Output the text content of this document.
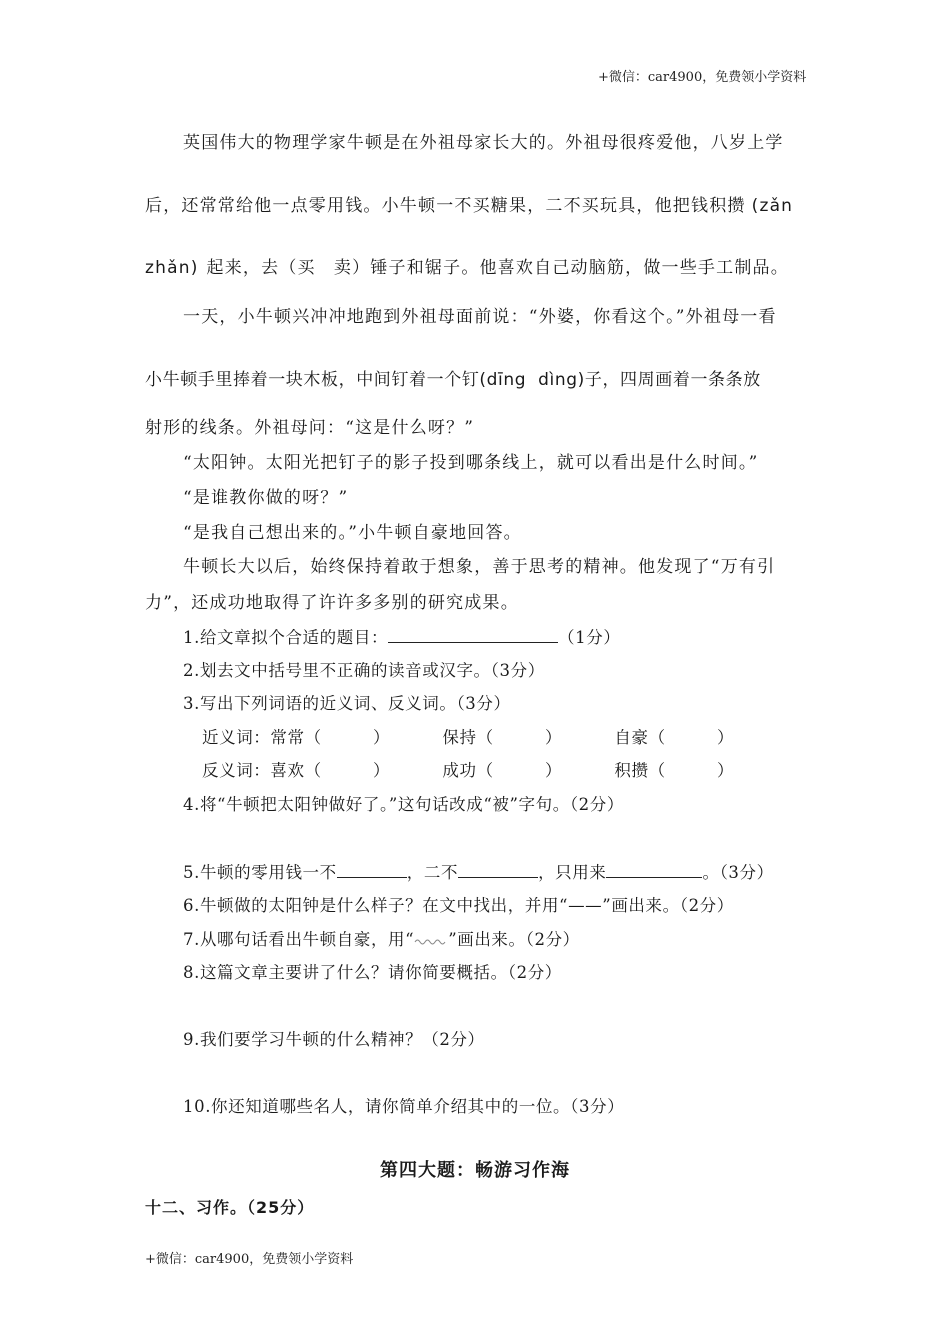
+微信：car4900，免费领小学资料
英国伟大的物理学家牛顿是在外祖母家长大的。外祖母很疼爱他，八岁上学
后，还常常给他一点零用钱。小牛顿一不买糖果，二不买玩具，他把钱积攒 (zǎn
zhǎn) 起来，去（买　卖）锤子和锯子。他喜欢自己动脑筋，做一些手工制品。
一天，小牛顿兴冲冲地跑到外祖母面前说：“外婆，你看这个。”外祖母一看
小牛顿手里捧着一块木板，中间钉着一个钉(dīng  dìng)子，四周画着一条条放
射形的线条。外祖母问：“这是什么呀？”
“太阳钟。太阳光把钉子的影子投到哪条线上，就可以看出是什么时间。”
“是谁教你做的呀？”
“是我自己想出来的。”小牛顿自豪地回答。
牛顿长大以后，始终保持着敢于想象，善于思考的精神。他发现了“万有引
力”，还成功地取得了许许多多别的研究成果。
1.给文章拟个合适的题目：	（1分）
2.划去文中括号里不正确的读音或汉字。（3分）
3.写出下列词语的近义词、反义词。（3分）
近义词：常常（　　　）	保持（　　　）	自豪（　　　）
反义词：喜欢（　　　）	成功（　　　）	积攒（　　　）
4.将“牛顿把太阳钟做好了。”这句话改成“被”字句。（2分）
5.牛顿的零用钱一不	，二不	，只用来	。（3分）
6.牛顿做的太阳钟是什么样子？在文中找出，并用“——”画出来。（2分）
7.从哪句话看出牛顿自豪，用“ ”画出来。（2分）
8.这篇文章主要讲了什么？请你简要概括。（2分）
9.我们要学习牛顿的什么精神？（2分）
10.你还知道哪些名人，请你简单介绍其中的一位。（3分）
第四大题：畅游习作海
十二、习作。（25分）
+微信：car4900，免费领小学资料
